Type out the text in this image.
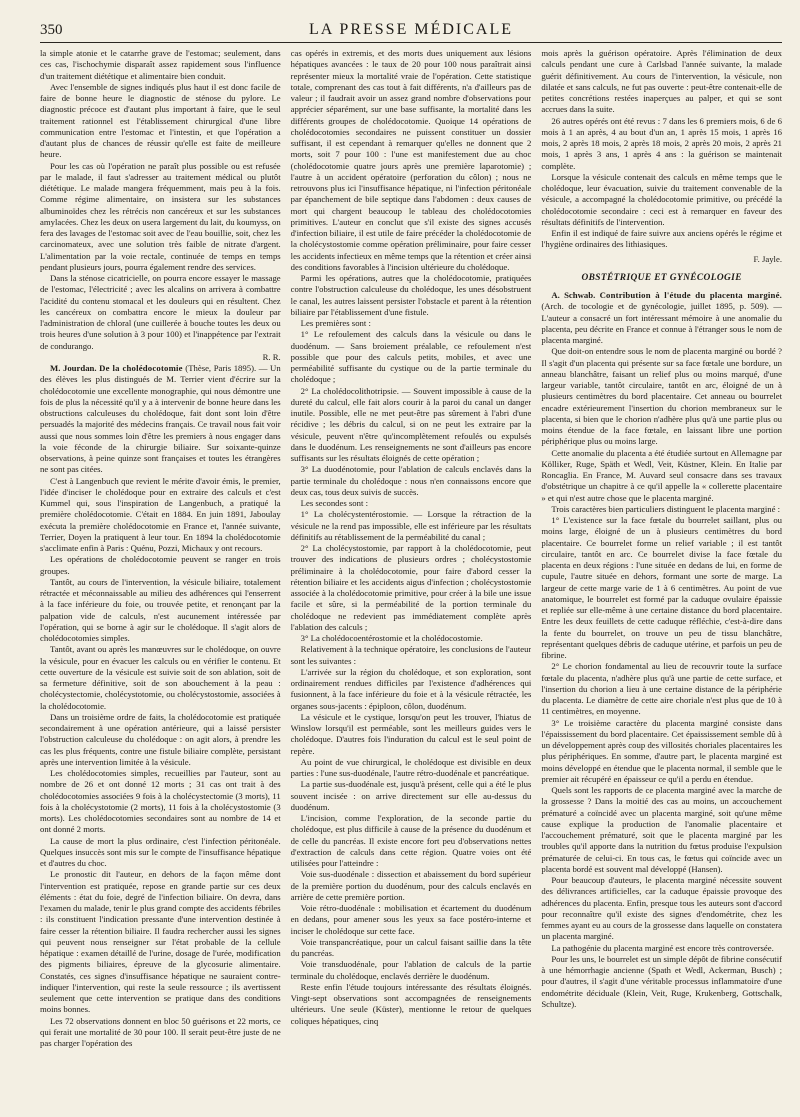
350	LA PRESSE MÉDICALE

la simple atonie et le catarrhe grave de l'estomac; seulement, dans ces cas, l'ischochymie disparaît assez rapidement sous l'influence d'un traitement diététique et alimentaire bien conduit.

Avec l'ensemble de signes indiqués plus haut il est donc facile de faire de bonne heure le diagnostic de sténose du pylore. Le diagnostic précoce est d'autant plus important à faire, que le seul traitement rationnel est l'établissement chirurgical d'une libre communication entre l'estomac et l'intestin, et que l'opération a d'autant plus de chances de réussir qu'elle est faite de meilleure heure.

Pour les cas où l'opération ne paraît plus possible ou est refusée par le malade, il faut s'adresser au traitement médical ou plutôt diététique. Le malade mangera fréquemment, mais peu à la fois. Comme régime alimentaire, on insistera sur les substances albuminoïdes chez les rétrécis non cancéreux et sur les substances amylacées. Chez les deux on usera largement du lait, du koumyss, on fera des lavages de l'estomac soit avec de l'eau bouillie, soit, chez les carcinomateux, avec une solution très faible de nitrate d'argent. L'alimentation par la voie rectale, continuée de temps en temps pendant plusieurs jours, pourra également rendre des services.

Dans la sténose cicatricielle, on pourra encore essayer le massage de l'estomac, l'électricité ; avec les alcalins on arrivera à combattre l'acidité du contenu stomacal et les douleurs qui en résultent. Chez les cancéreux on combattra encore le mieux la douleur par l'administration de chloral (une cuillerée à bouche toutes les deux ou trois heures d'une solution à 3 pour 100) et l'inappétence par l'extrait de condurango.

R. R.

M. Jourdan. De la cholédocotomie (Thèse, Paris 1895). — Un des élèves les plus distingués de M. Terrier vient d'écrire sur la cholédocotomie une excellente monographie, qui nous démontre une fois de plus la nécessité qu'il y a à intervenir de bonne heure dans les obstructions calculeuses du cholédoque, fait dont sont loin d'être persuadés la majorité des médecins français. Ce travail nous fait voir aussi que nous sommes loin d'être les premiers à nous engager dans la voie féconde de la chirurgie biliaire. Sur soixante-quinze observations, à peine quinze sont françaises et toutes les étrangères ne sont pas citées.

C'est à Langenbuch que revient le mérite d'avoir émis, le premier, l'idée d'inciser le cholédoque pour en extraire des calculs et c'est Kummel qui, sous l'inspiration de Langenbuch, a pratiqué la première cholédocotomie. C'était en 1884. En juin 1891, Jaboulay exécuta la première cholédocotomie en France et, l'année suivante, Terrier, Doyen la pratiquent à leur tour. En 1894 la cholédocotomie s'acclimate enfin à Paris : Quénu, Pozzi, Michaux y ont recours.

Les opérations de cholédocotomie peuvent se ranger en trois groupes.

Tantôt, au cours de l'intervention, la vésicule biliaire, totalement rétractée et méconnaissable au milieu des adhérences qui l'enserrent à la face inférieure du foie, ou trouvée petite, et renonçant par la palpation vide de calculs, n'est aucunement intéressée par l'opération, qui se borne à agir sur le cholédoque. Il s'agit alors de cholédocotomies simples.

Tantôt, avant ou après les manœuvres sur le cholédoque, on ouvre la vésicule, pour en évacuer les calculs ou en vérifier le contenu. Et cette ouverture de la vésicule est suivie soit de son ablation, soit de sa fermeture définitive, soit de son abouchement à la peau : cholécystectomie, cholécystotomie, ou cholécystostomie, associées à la cholédocotomie.

Dans un troisième ordre de faits, la cholédocotomie est pratiquée secondairement à une opération antérieure, qui a laissé persister l'obstruction calculeuse du cholédoque : on agit alors, à prendre les cas les plus fréquents, contre une fistule biliaire complète, persistant après une intervention limitée à la vésicule.

Les cholédocotomies simples, recueillies par l'auteur, sont au nombre de 26 et ont donné 12 morts ; 31 cas ont trait à des cholédocotomies associées 9 fois à la cholécystectomie (3 morts), 11 fois à la cholécystotomie (2 morts), 11 fois à la cholécystostomie (3 morts). Les cholédocotomies secondaires sont au nombre de 14 et ont donné 2 morts.

La cause de mort la plus ordinaire, c'est l'infection péritonéale. Quelques insuccès sont mis sur le compte de l'insuffisance hépatique et d'autres du choc.

Le pronostic dit l'auteur, en dehors de la façon même dont l'intervention est pratiquée, repose en grande partie sur ces deux éléments : état du foie, degré de l'infection biliaire. On devra, dans l'examen du malade, tenir le plus grand compte des accidents fébriles : ils constituent l'indication pressante d'une intervention destinée à faire cesser la rétention biliaire. Il faudra rechercher aussi les signes qui peuvent nous renseigner sur l'état probable de la cellule hépatique : examen détaillé de l'urine, dosage de l'urée, modification des pigments biliaires, épreuve de la glycosurie alimentaire. Constatés, ces signes d'insuffisance hépatique ne sauraient contre-indiquer l'intervention, qui reste la seule ressource ; ils avertissent seulement que cette intervention se pratique dans des conditions moins bonnes.

Les 72 observations donnent en bloc 50 guérisons et 22 morts, ce qui ferait une mortalité de 30 pour 100. Il serait peut-être juste de ne pas charger l'opération des

cas opérés in extremis, et des morts dues uniquement aux lésions hépatiques avancées : le taux de 20 pour 100 nous paraîtrait ainsi représenter mieux la mortalité vraie de l'opération. Cette statistique totale, comprenant des cas tout à fait différents, n'a d'ailleurs pas de valeur ; il faudrait avoir un assez grand nombre d'observations pour apprécier séparément, sur une base suffisante, la mortalité dans les différents groupes de cholédocotomie. Quoique 14 opérations de cholédocotomies secondaires ne puissent constituer un dossier suffisant, il est cependant à remarquer qu'elles ne donnent que 2 morts, soit 7 pour 100 : l'une est manifestement due au choc (cholédocotomie quatre jours après une première laparotomie) ; l'autre à un accident opératoire (perforation du côlon) ; nous ne retrouvons plus ici l'insuffisance hépatique, ni l'infection péritonéale par épanchement de bile septique dans l'abdomen : deux causes de mort qui chargent beaucoup le tableau des cholédocotomies primitives. L'auteur en conclut que s'il existe des signes accusés d'infection biliaire, il est utile de faire précéder la cholédocotomie de la cholécystostomie comme opération préliminaire, pour faire cesser les accidents infectieux en même temps que la rétention et créer ainsi des conditions favorables à l'incision ultérieure du cholédoque.

Parmi les opérations, autres que la cholédocotomie, pratiquées contre l'obstruction calculeuse du cholédoque, les unes désobstruent le canal, les autres laissent persister l'obstacle et parent à la rétention biliaire par l'établissement d'une fistule.

Les premières sont :

1° Le refoulement des calculs dans la vésicule ou dans le duodénum. — Sans broiement préalable, ce refoulement n'est possible que pour des calculs petits, mobiles, et avec une perméabilité suffisante du cystique ou de la partie terminale du cholédoque ;

2° La cholédocolithotripsie. — Souvent impossible à cause de la dureté du calcul, elle fait alors courir à la paroi du canal un danger inutile. Possible, elle ne met peut-être pas sûrement à l'abri d'une récidive ; les débris du calcul, si on ne peut les extraire par la vésicule, peuvent n'être qu'incomplètement refoulés ou expulsés dans le duodénum. Les renseignements ne sont d'ailleurs pas encore suffisants sur les résultats éloignés de cette opération ;

3° La duodénotomie, pour l'ablation de calculs enclavés dans la partie terminale du cholédoque : nous n'en connaissons encore que deux cas, tous deux suivis de succès.

Les secondes sont :

1° La cholécystentérostomie. — Lorsque la rétraction de la vésicule ne la rend pas impossible, elle est inférieure par les résultats définitifs au rétablissement de la perméabilité du canal ;

2° La cholécystostomie, par rapport à la cholédocotomie, peut trouver des indications de plusieurs ordres ; cholécystostomie préliminaire à la cholédocotomie, pour faire d'abord cesser la rétention biliaire et les accidents aigus d'infection ; cholécystostomie associée à la cholédocotomie primitive, pour créer à la bile une issue facile et sûre, si la perméabilité de la portion terminale du cholédoque ne redevient pas immédiatement complète après l'ablation des calculs ;

3° La cholédocoentérostomie et la cholédocostomie.

Relativement à la technique opératoire, les conclusions de l'auteur sont les suivantes :

L'arrivée sur la région du cholédoque, et son exploration, sont ordinairement rendues difficiles par l'existence d'adhérences qui fusionnent, à la face inférieure du foie et à la vésicule rétractée, les organes sous-jacents : épiploon, côlon, duodénum.

La vésicule et le cystique, lorsqu'on peut les trouver, l'hiatus de Winslow lorsqu'il est perméable, sont les meilleurs guides vers le cholédoque. D'autres fois l'induration du calcul est le seul point de repère.

Au point de vue chirurgical, le cholédoque est divisible en deux parties : l'une sus-duodénale, l'autre rétro-duodénale et pancréatique.

La partie sus-duodénale est, jusqu'à présent, celle qui a été le plus souvent incisée : on arrive directement sur elle au-dessus du duodénum.

L'incision, comme l'exploration, de la seconde partie du cholédoque, est plus difficile à cause de la présence du duodénum et de celle du pancréas. Il existe encore fort peu d'observations nettes d'extraction de calculs dans cette région. Quatre voies ont été utilisées pour l'atteindre :

Voie sus-duodénale : dissection et abaissement du bord supérieur de la première portion du duodénum, pour des calculs enclavés en arrière de cette première portion.

Voie rétro-duodénale : mobilisation et écartement du duodénum en dedans, pour amener sous les yeux sa face postéro-interne et inciser le cholédoque sur cette face.

Voie transpancréatique, pour un calcul faisant saillie dans la tête du pancréas.

Voie transduodénale, pour l'ablation de calculs de la partie terminale du cholédoque, enclavés derrière le duodénum.

Reste enfin l'étude toujours intéressante des résultats éloignés. Vingt-sept observations sont accompagnées de renseignements ultérieurs. Une seule (Küster), mentionne le retour de quelques coliques hépatiques, cinq

mois après la guérison opératoire. Après l'élimination de deux calculs pendant une cure à Carlsbad l'année suivante, la malade guérit définitivement. Au cours de l'intervention, la vésicule, non dilatée et sans calculs, ne fut pas ouverte : peut-être contenait-elle de petites concrétions restées inaperçues au palper, et qui se sont accrues dans la suite.

26 autres opérés ont été revus : 7 dans les 6 premiers mois, 6 de 6 mois à 1 an après, 4 au bout d'un an, 1 après 15 mois, 1 après 16 mois, 2 après 18 mois, 2 après 18 mois, 2 après 20 mois, 2 après 21 mois, 1 après 3 ans, 1 après 4 ans : la guérison se maintenait complète.

Lorsque la vésicule contenait des calculs en même temps que le cholédoque, leur évacuation, suivie du traitement convenable de la vésicule, a accompagné la cholédocotomie primitive, ou précédé la cholédocotomie secondaire : ceci est à remarquer en faveur des résultats définitifs de l'intervention.

Enfin il est indiqué de faire suivre aux anciens opérés le régime et l'hygiène ordinaires des lithiasiques.

F. Jayle.

OBSTÉTRIQUE ET GYNÉCOLOGIE

A. Schwab. Contribution à l'étude du placenta marginé. (Arch. de tocologie et de gynécologie, juillet 1895, p. 509). — L'auteur a consacré un fort intéressant mémoire à une anomalie du placenta, peu décrite en France et connue à l'étranger sous le nom de placenta marginé.

Que doit-on entendre sous le nom de placenta marginé ou bordé ? Il s'agit d'un placenta qui présente sur sa face fœtale une bordure, un anneau blanchâtre, faisant un relief plus ou moins marqué, d'une largeur variable, tantôt circulaire, tantôt en arc, éloigné de un à plusieurs centimètres du bord placentaire. Cet anneau ou bourrelet encadre extérieurement l'insertion du chorion membraneux sur le placenta, si bien que le chorion n'adhère plus qu'à une partie plus ou moins étendue de la face fœtale, en laissant libre une portion périphérique plus ou moins large.

Cette anomalie du placenta a été étudiée surtout en Allemagne par Kölliker, Ruge, Späth et Wedl, Veit, Küstner, Klein. En Italie par Roncaglia. En France, M. Auvard seul consacre dans ses travaux d'obstétrique un chapitre à ce qu'il appelle la « collerette placentaire » et qui n'est autre chose que le placenta marginé.

Trois caractères bien particuliers distinguent le placenta marginé :

1° L'existence sur la face fœtale du bourrelet saillant, plus ou moins large, éloigné de un à plusieurs centimètres du bord placentaire. Ce bourrelet forme un relief variable ; il est tantôt circulaire, tantôt en arc. Ce bourrelet divise la face fœtale du placenta en deux régions : l'une située en dedans de lui, en forme de cupule, l'autre située en dehors, formant une sorte de marge. La largeur de cette marge varie de 1 à 6 centimètres. Au point de vue anatomique, le bourrelet est formé par la caduque ovulaire épaissie et repliée sur elle-même à une certaine distance du bord placentaire. Entre les deux feuillets de cette caduque réfléchie, c'est-à-dire dans la fente du bourrelet, on trouve un peu de tissu blanchâtre, représentant quelques débris de caduque utérine, et parfois un peu de fibrine.

2° Le chorion fondamental au lieu de recouvrir toute la surface fœtale du placenta, n'adhère plus qu'à une partie de cette surface, et l'insertion du chorion a lieu à une certaine distance de la périphérie du placenta. Le diamètre de cette aire choriale n'est plus que de 10 à 11 centimètres, en moyenne.

3° Le troisième caractère du placenta marginé consiste dans l'épaississement du bord placentaire. Cet épaississement semble dû à un développement après coup des villosités choriales placentaires les plus périphériques. En somme, d'autre part, le placenta marginé est moins développé en étendue que le placenta normal, il semble que le premier ait récupéré en épaisseur ce qu'il a perdu en étendue.

Quels sont les rapports de ce placenta marginé avec la marche de la grossesse ? Dans la moitié des cas au moins, un accouchement prématuré a coïncidé avec un placenta marginé, soit qu'une même cause explique la production de l'anomalie placentaire et l'accouchement prématuré, soit que le placenta marginé par les troubles qu'il apporte dans la nutrition du fœtus produise l'expulsion prématurée de celui-ci. En tous cas, le fœtus qui coïncide avec un placenta bordé est souvent mal développé (Hansen).

Pour beaucoup d'auteurs, le placenta marginé nécessite souvent des délivrances artificielles, car la caduque épaissie provoque des adhérences du placenta. Enfin, presque tous les auteurs sont d'accord pour reconnaître qu'il existe des signes d'endométrite, chez les femmes ayant eu au cours de la grossesse dans laquelle on constatera un placenta marginé.

La pathogénie du placenta marginé est encore très controversée.

Pour les uns, le bourrelet est un simple dépôt de fibrine consécutif à une hémorrhagie ancienne (Spath et Wedl, Ackerman, Busch) ; pour d'autres, il s'agit d'une véritable processus inflammatoire d'une endométrite déciduale (Klein, Veit, Ruge, Krukenberg, Gottschalk, Schultze).
